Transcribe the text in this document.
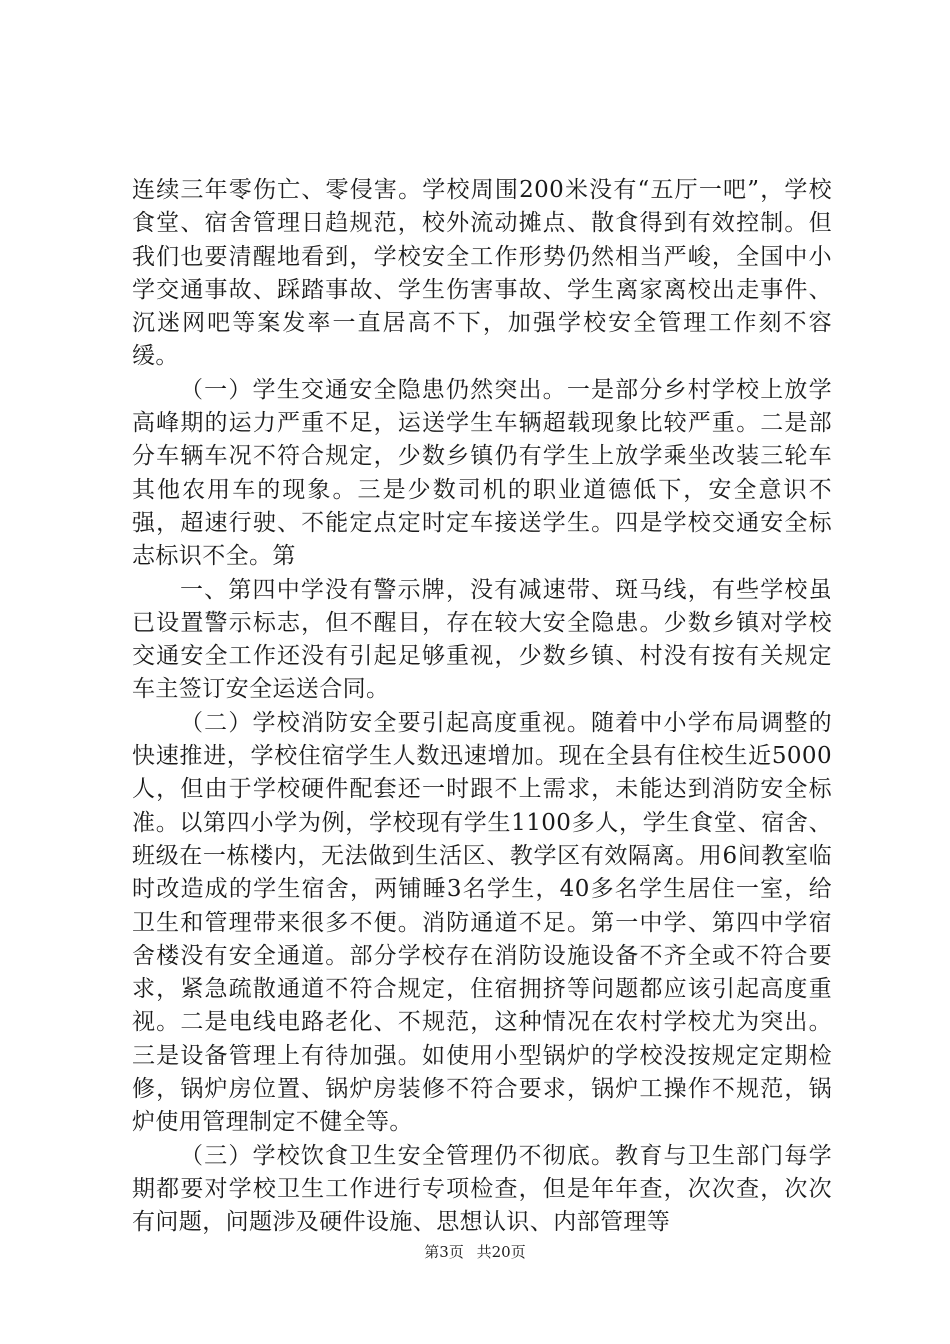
连续三年零伤亡、零侵害。学校周围200米没有“五厅一吧”，学校食堂、宿舍管理日趋规范，校外流动摊点、散食得到有效控制。但我们也要清醒地看到，学校安全工作形势仍然相当严峻，全国中小学交通事故、踩踏事故、学生伤害事故、学生离家离校出走事件、沉迷网吧等案发率一直居高不下，加强学校安全管理工作刻不容缓。

（一）学生交通安全隐患仍然突出。一是部分乡村学校上放学高峰期的运力严重不足，运送学生车辆超载现象比较严重。二是部分车辆车况不符合规定，少数乡镇仍有学生上放学乘坐改装三轮车其他农用车的现象。三是少数司机的职业道德低下，安全意识不强，超速行驶、不能定点定时定车接送学生。四是学校交通安全标志标识不全。第

一、第四中学没有警示牌，没有减速带、斑马线，有些学校虽已设置警示标志，但不醒目，存在较大安全隐患。少数乡镇对学校交通安全工作还没有引起足够重视，少数乡镇、村没有按有关规定车主签订安全运送合同。

（二）学校消防安全要引起高度重视。随着中小学布局调整的快速推进，学校住宿学生人数迅速增加。现在全县有住校生近5000人，但由于学校硬件配套还一时跟不上需求，未能达到消防安全标准。以第四小学为例，学校现有学生1100多人，学生食堂、宿舍、班级在一栋楼内，无法做到生活区、教学区有效隔离。用6间教室临时改造成的学生宿舍，两铺睡3名学生，40多名学生居住一室，给卫生和管理带来很多不便。消防通道不足。第一中学、第四中学宿舍楼没有安全通道。部分学校存在消防设施设备不齐全或不符合要求，紧急疏散通道不符合规定，住宿拥挤等问题都应该引起高度重视。二是电线电路老化、不规范，这种情况在农村学校尤为突出。三是设备管理上有待加强。如使用小型锅炉的学校没按规定定期检修，锅炉房位置、锅炉房装修不符合要求，锅炉工操作不规范，锅炉使用管理制定不健全等。

（三）学校饮食卫生安全管理仍不彻底。教育与卫生部门每学期都要对学校卫生工作进行专项检查，但是年年查，次次查，次次有问题，问题涉及硬件设施、思想认识、内部管理等

第3页 共20页
